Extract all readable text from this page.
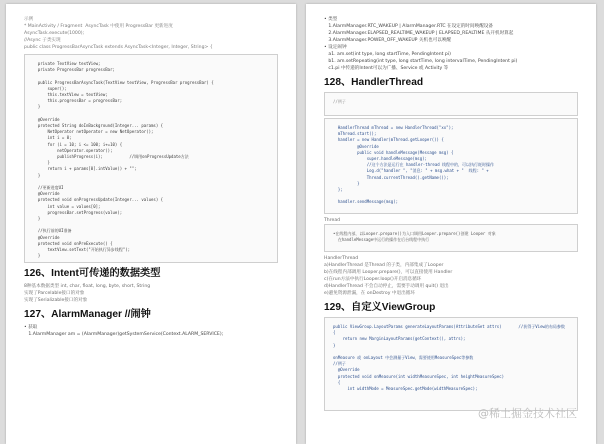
示例
* MainActivity / Fragment  AsyncTask 中使用 ProgressBar 更新进度
AsyncTask.execute(1000);
//Async 子类实现
public class ProgressBarAsyncTask extends AsyncTask<Integer, Integer, String> {
private TextView textView;
private ProgressBar progressBar;

public ProgressBarAsyncTask(TextView textView, ProgressBar progressBar) {
super();
this.textView = textView;
this.progressBar = progressBar;
}

@Override
protected String doInBackground(Integer... params) {
NetOperator netOperator = new NetOperator();
int i = 0;
for (i = 10; i <= 100; i+=10) {
netOperator.operator();
publishProgress(i);           //调用onProgressUpdate方法
}
return i + params[0].intValue() + "";
}

//更新进度UI
@Override
protected void onProgressUpdate(Integer... values) {
int value = values[0];
progressBar.setProgress(value);
}

//执行前的UI准备
@Override
protected void onPreExecute() {
textView.setText("开始执行异步线程");
}

126、Intent可传递的数据类型
8种基本数据类型 int, char, float, long, byte, short, String
实现了Parcelable接口的对象
实现了Serializable接口的对象
127、AlarmManager //闹钟
• 获取
1.AlarmManager am = (AlarmManager)getSystemService(Context.ALARM_SERVICE);
• 类型
1.AlarmManager.RTC_WAKEUP | AlarmManager.RTC 在设定的时间唤醒设备
2.AlarmManager.ELAPSED_REALTIME_WAKEUP | ELAPSED_REALTIME 从开机时算起
3.AlarmManager.POWER_OFF_WAKEUP 关机也可以唤醒
• 设定闹钟
a1. am.set(int type, long startTime, PendingIntent pi)
b1. am.setRepeating(int type, long startTime, long intervalTime, PendingIntent pi)
c1.pi 中传递的Intent可以为广播、Service 或 Activity 等
128、HandlerThread
//例子
HandlerThread mThread = new HandlerThread("xx");
mThread.start();
handler = new Handler(mThread.getLooper()) {
@Override
public void handleMessage(Message msg) {
super.handleMessage(msg);
//这个方法是运行在 handler-thread 线程中的，可以执行耗时操作
Log.d("handler ", "消息: " + msg.what + "  线程: " +
Thread.currentThread().getName());
}
};

handler.sendMessage(msg);
Thread
•在线程内部，以Looper.prepare()为入口调用Looper.prepare()创建 Looper 对象
在handleMessage中运行的操作在后台线程中执行
HandlerThread
a)HandlerThread 是Thread 的子类，内部集成了Looper
b)在线程内部调用 Looper.prepare()，可以直接使用 Handler
c)在run方法中执行Looper.loop()开启消息循环
d)HandlerThread 不会自动停止，需要手动调用 quit() 退出
e)避免资源泄漏，在 onDestroy 中退出循环
129、自定义ViewGroup
public ViewGroup.LayoutParams generateLayoutParams(AttributeSet attrs)       //获得子View的布局参数
{
return new MarginLayoutParams(getContext(), attrs);
}

onMeasure 或 onLayout 中会测量子View，需要使用MeasureSpec等参数
//例子
@Override
protected void onMeasure(int widthMeasureSpec, int heightMeasureSpec)
{
int widthMode = MeasureSpec.getMode(widthMeasureSpec);
@稀土掘金技术社区
